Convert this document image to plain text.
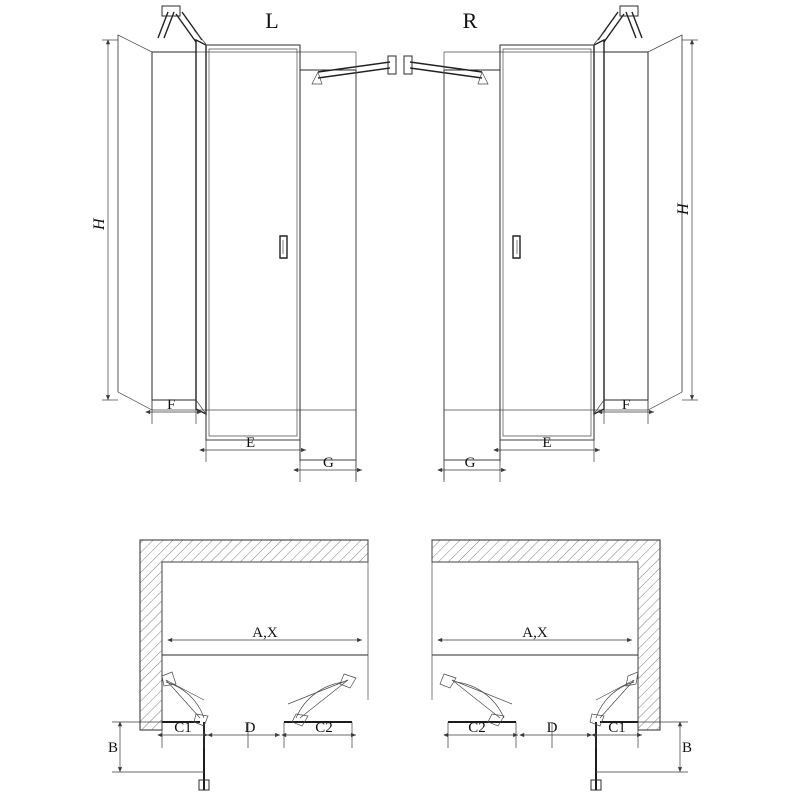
H
F
E
G
L
H
F
E
G
R
A,X
C1	D	C2
B
A,X
C2	D	C1
B
